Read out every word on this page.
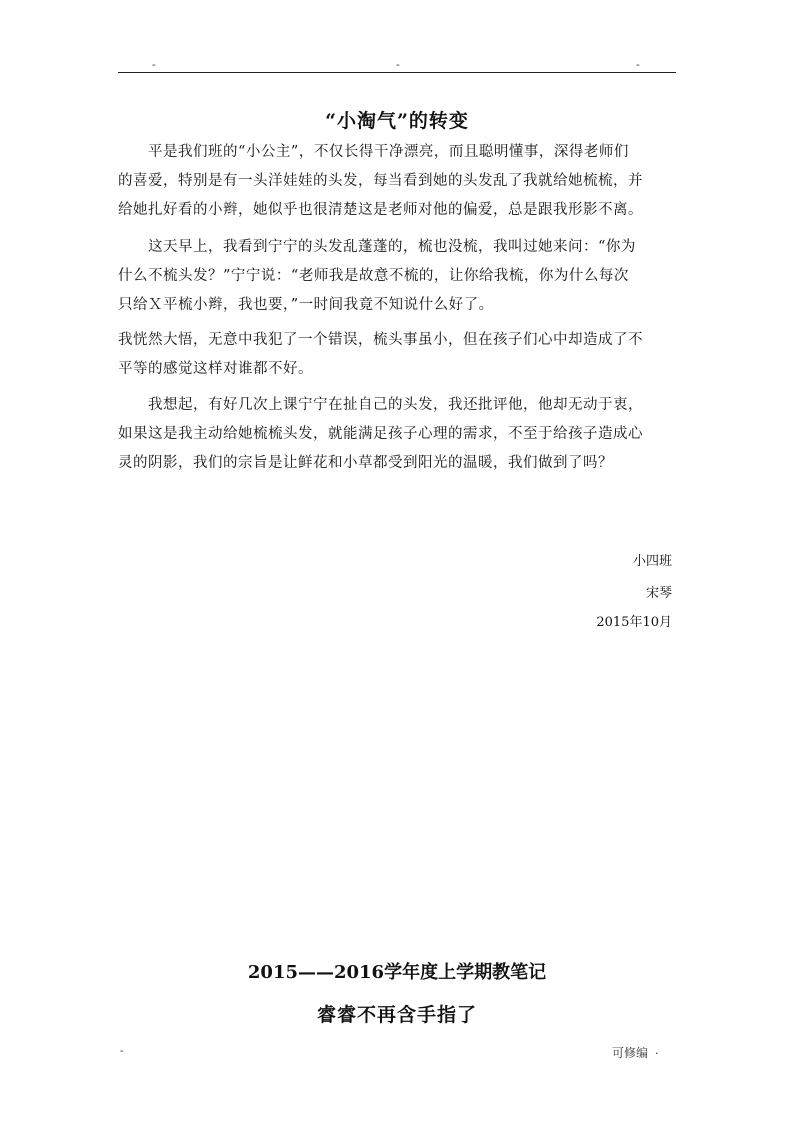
-	-	-
“小淘气”的转变
　　平是我们班的“小公主”，不仅长得干净漂亮，而且聪明懂事，深得老师们
的喜爱，特别是有一头洋娃娃的头发，每当看到她的头发乱了我就给她梳梳，并
给她扎好看的小辫，她似乎也很清楚这是老师对他的偏爱，总是跟我形影不离。
　　这天早上，我看到宁宁的头发乱蓬蓬的，梳也没梳，我叫过她来问：“你为
什么不梳头发？”宁宁说：“老师我是故意不梳的，让你给我梳，你为什么每次
只给Ｘ平梳小辫，我也要，”一时间我竟不知说什么好了。
我恍然大悟，无意中我犯了一个错误，梳头事虽小，但在孩子们心中却造成了不
平等的感觉这样对谁都不好。
　　我想起，有好几次上课宁宁在扯自己的头发，我还批评他，他却无动于衷，
如果这是我主动给她梳梳头发，就能满足孩子心理的需求，不至于给孩子造成心
灵的阴影，我们的宗旨是让鲜花和小草都受到阳光的温暖，我们做到了吗？
小四班
宋琴
2015年10月
2015——2016学年度上学期教笔记
睿睿不再含手指了
-	可修编 .
